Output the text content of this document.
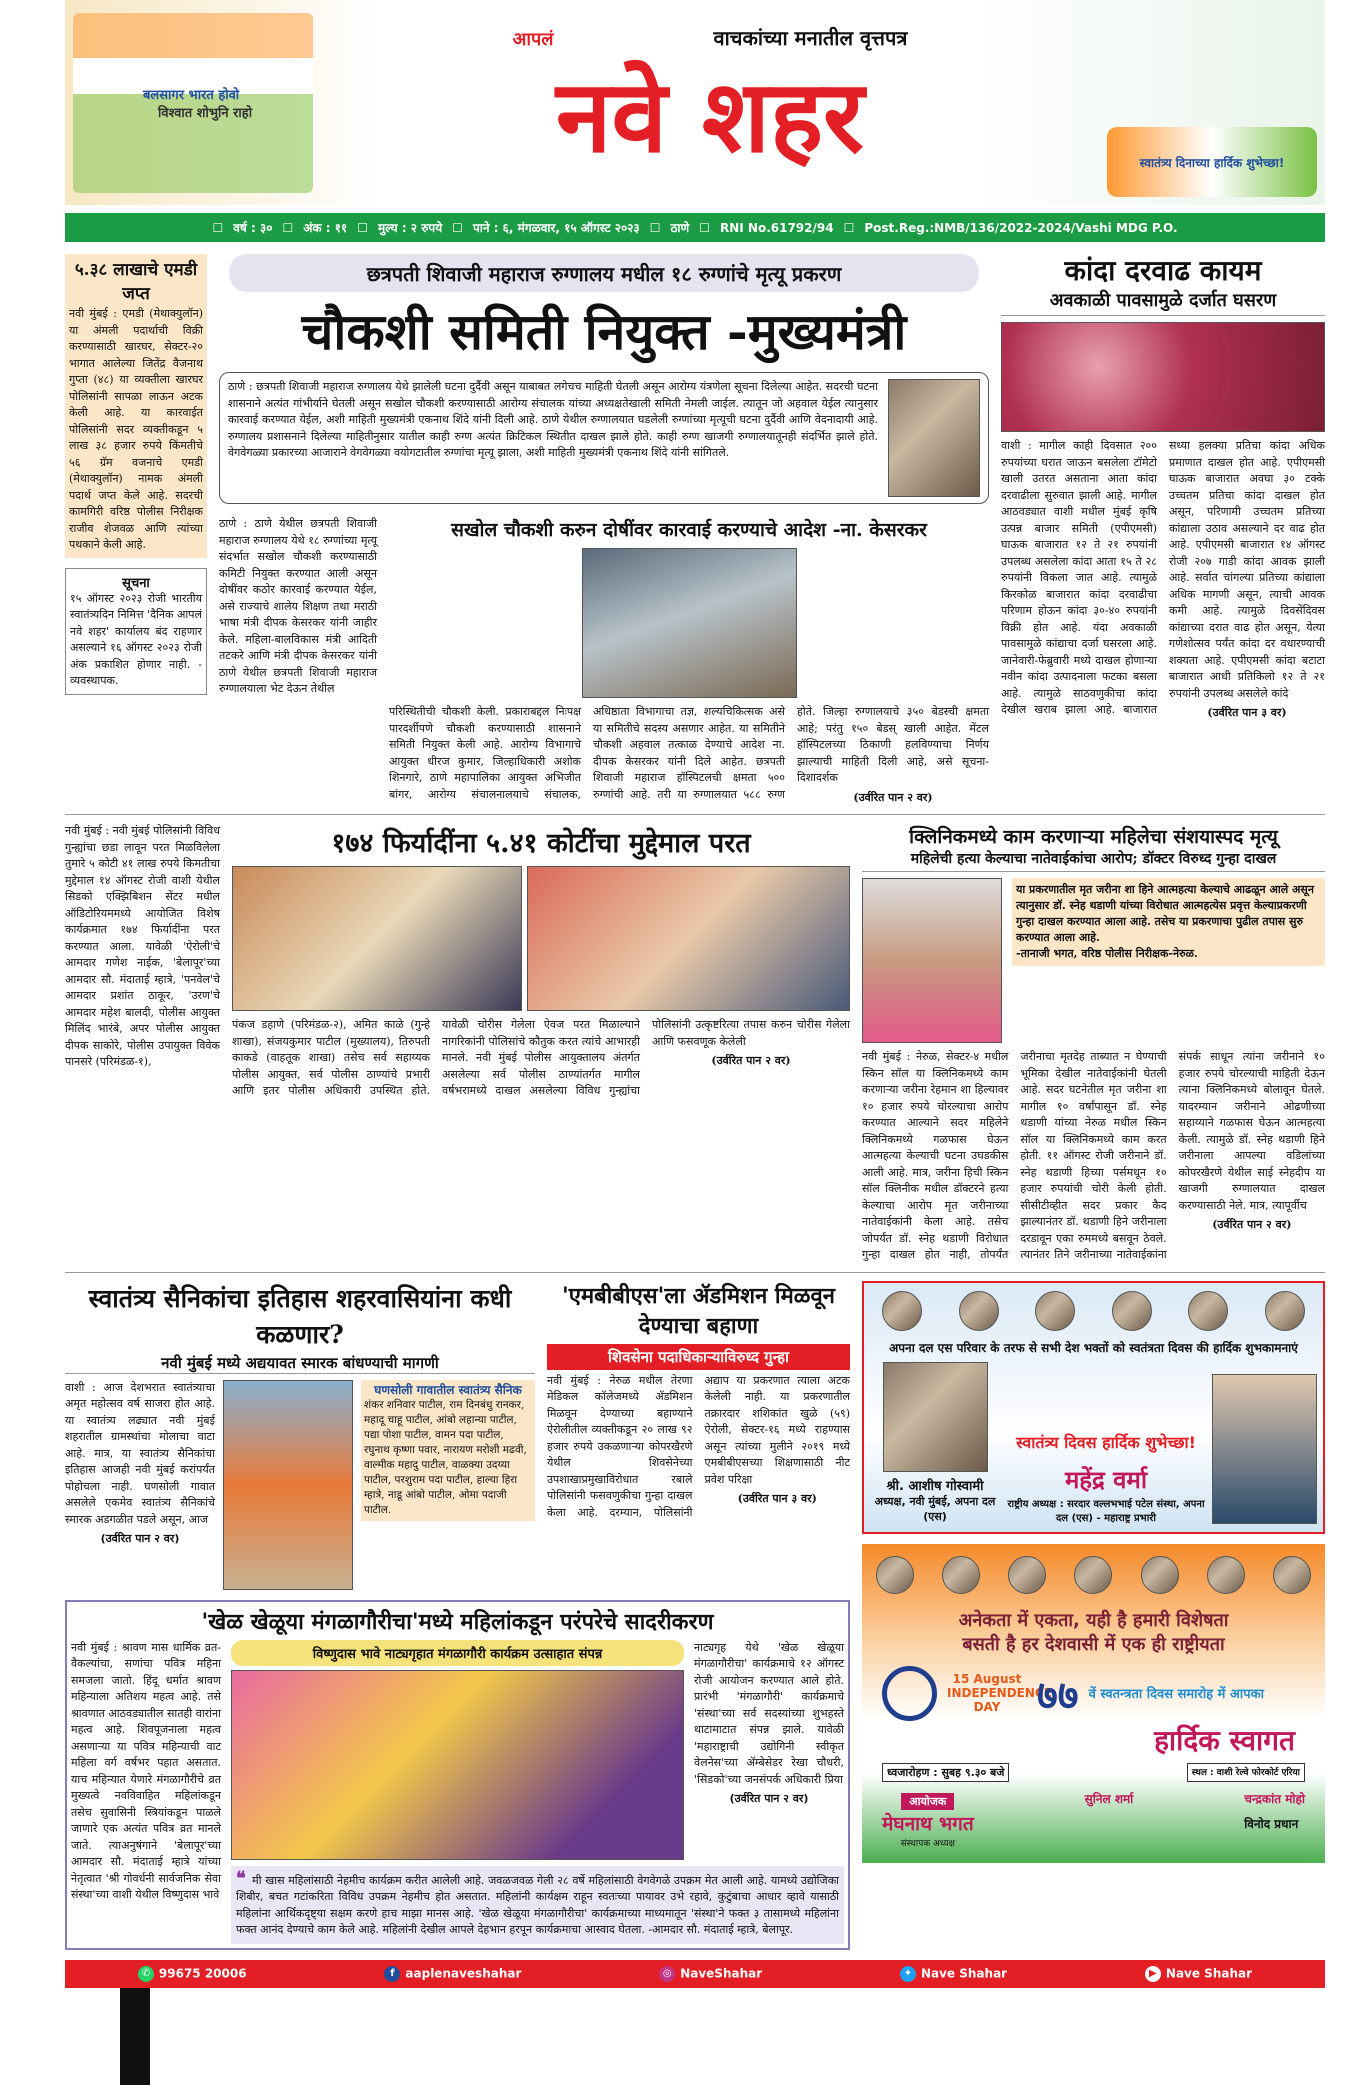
बलसागर भारत होवो
विश्वात शोभुनि राहो
आपलं	वाचकांच्या मनातील वृत्तपत्र
नवे शहर	स्वातंत्र्य दिनाच्या हार्दिक शुभेच्छा!
☐ वर्ष : ३० ☐ अंक : ११ ☐ मुल्य : २ रुपये ☐ पाने : ६, मंगळवार, १५ ऑगस्ट २०२३ ☐ ठाणे ☐ RNI No.61792/94 ☐ Post.Reg.:NMB/136/2022-2024/Vashi MDG P.O.
५.३८ लाखाचे एमडी जप्त
नवी मुंबई : एमडी (मेथाक्युलॉन) या अंमली पदार्थाची विक्री करण्यासाठी खारघर, सेक्टर-२० भागात आलेल्या जितेंद्र वैजनाथ गुप्ता (४८) या व्यक्तीला खारघर पोलिसांनी सापळा लाऊन अटक केली आहे. या कारवाईत पोलिसांनी सदर व्यक्तीकडून ५ लाख ३८ हजार रुपये किंमतीचे ५६ ग्रॅम वजनाचे एमडी (मेथाक्युलॉन) नामक अंमली पदार्थ जप्त केले आहे. सदरची कामगिरी वरिष्ठ पोलीस निरीक्षक राजीव शेजवळ आणि त्यांच्या पथकाने केली आहे.
सूचना
१५ ऑगस्ट २०२३ रोजी भारतीय स्वातंत्र्यदिन निमित्त 'दैनिक आपलं नवे शहर' कार्यालय बंद राहणार असल्याने १६ ऑगस्ट २०२३ रोजी अंक प्रकाशित होणार नाही. - व्यवस्थापक.
छत्रपती शिवाजी महाराज रुग्णालय मधील १८ रुग्णांचे मृत्यू प्रकरण
चौकशी समिती नियुक्त -मुख्यमंत्री
ठाणे : छत्रपती शिवाजी महाराज रुग्णालय येथे झालेली घटना दुर्दैवी असून याबाबत लगेचच माहिती घेतली असून आरोग्य यंत्रणेला सूचना दिलेल्या आहेत. सदरची घटना शासनाने अत्यंत गांभीर्याने घेतली असून सखोल चौकशी करण्यासाठी आरोग्य संचालक यांच्या अध्यक्षतेखाली समिती नेमली जाईल. त्यातून जो अहवाल येईल त्यानुसार कारवाई करण्यात येईल, अशी माहिती मुख्यमंत्री एकनाथ शिंदे यांनी दिली आहे. ठाणे येथील रुग्णालयात घडलेली रुग्णांच्या मृत्यूची घटना दुर्दैवी आणि वेदनादायी आहे. रुग्णालय प्रशासनाने दिलेल्या माहितीनुसार यातील काही रुग्ण अत्यंत क्रिटिकल स्थितीत दाखल झाले होते. काही रुग्ण खाजगी रुग्णालयातूनही संदर्भित झाले होते. वेगवेगळ्या प्रकारच्या आजाराने वेगवेगळ्या वयोगटातील रुग्णांचा मृत्यू झाला, अशी माहिती मुख्यमंत्री एकनाथ शिंदे यांनी सांगितले.
ठाणे : ठाणे येथील छत्रपती शिवाजी महाराज रुग्णालय येथे १८ रुग्णांच्या मृत्यू संदर्भात सखोल चौकशी करण्यासाठी कमिटी नियुक्त करण्यात आली असून दोषींवर कठोर कारवाई करण्यात येईल, असे राज्याचे शालेय शिक्षण तथा मराठी भाषा मंत्री दीपक केसरकर यांनी जाहीर केले. महिला-बालविकास मंत्री आदिती तटकरे आणि मंत्री दीपक केसरकर यांनी ठाणे येथील छत्रपती शिवाजी महाराज रुग्णालयाला भेट देऊन तेथील
सखोल चौकशी करुन दोषींवर कारवाई करण्याचे आदेश -ना. केसरकर
परिस्थितीची चौकशी केली. प्रकाराबद्दल निःपक्ष पारदर्शीपणे चौकशी करण्यासाठी शासनाने समिती नियुक्त केली आहे. आरोग्य विभागाचे आयुक्त धीरज कुमार, जिल्हाधिकारी अशोक शिनगारे, ठाणे महापालिका आयुक्त अभिजीत बांगर, आरोग्य संचालनालयाचे संचालक, अधिष्ठाता विभागाचा तज्ञ, शल्यचिकित्सक असे या समितीचे सदस्य असणार आहेत. या समितीने चौकशी अहवाल तत्काळ देण्याचे आदेश ना. दीपक केसरकर यांनी दिले आहेत. छत्रपती शिवाजी महाराज हॉस्पिटलची क्षमता ५०० रुग्णांची आहे. तरी या रुग्णालयात ५८८ रुग्ण होते. जिल्हा रुग्णालयाचे ३५० बेडस्ची क्षमता आहे; परंतु १५० बेडस् खाली आहेत. मेंटल हॉस्पिटलच्या ठिकाणी हलविण्याचा निर्णय झाल्याची माहिती दिली आहे, असे सूचना-दिशादर्शक
(उर्वरित पान २ वर)
कांदा दरवाढ कायम
अवकाळी पावसामुळे दर्जात घसरण
वाशी : मागील काही दिवसात २०० रुपयांच्या घरात जाऊन बसलेला टॉमेटो खाली उतरत असताना आता कांदा दरवाढीला सुरुवात झाली आहे. मागील आठवड्यात वाशी मधील मुंबई कृषि उत्पन्न बाजार समिती (एपीएमसी) घाऊक बाजारात १२ ते २१ रुपयांनी उपलब्ध असलेला कांदा आता १५ ते २८ रुपयांनी विकला जात आहे. त्यामुळे किरकोळ बाजारात कांदा दरवाढीचा परिणाम होऊन कांदा ३०-४० रुपयांनी विक्री होत आहे. यंदा अवकाळी पावसामुळे कांद्याचा दर्जा घसरला आहे. जानेवारी-फेब्रुवारी मध्ये दाखल होणाऱ्या नवीन कांदा उत्पादनाला फटका बसला आहे. त्यामुळे साठवणुकीचा कांदा देखील खराब झाला आहे. बाजारात सध्या हलक्या प्रतिचा कांदा अधिक प्रमाणात दाखल होत आहे. एपीएमसी घाऊक बाजारात अवघा ३० टक्के उच्चतम प्रतिचा कांदा दाखल होत असून, परिणामी उच्चतम प्रतिच्या कांद्याला उठाव असल्याने दर वाढ होत आहे. एपीएमसी बाजारात १४ ऑगस्ट रोजी २०७ गाडी कांदा आवक झाली आहे. सर्वात चांगल्या प्रतिच्या कांद्याला अधिक मागणी असून, त्याची आवक कमी आहे. त्यामुळे दिवसेंदिवस कांद्याच्या दरात वाढ होत असून, येत्या गणेशोत्सव पर्यंत कांदा दर वधारण्याची शक्यता आहे. एपीएमसी कांदा बटाटा बाजारात आधी प्रतिकिलो १२ ते २१ रुपयांनी उपलब्ध असलेले कांदे
(उर्वरित पान ३ वर)
नवी मुंबई : नवी मुंबई पोलिसांनी विविध गुन्ह्यांचा छडा लावून परत मिळविलेला तुमारे ५ कोटी ४१ लाख रुपये किमतीचा मुद्देमाल १४ ऑगस्ट रोजी वाशी येथील सिडको एक्झिबिशन सेंटर मधील ऑडिटोरियममध्ये आयोजित विशेष कार्यक्रमात १७४ फिर्यादींना परत करण्यात आला. यावेळी 'ऐरोली'चे आमदार गणेश नाईक, 'बेलापूर'च्या आमदार सौ. मंदाताई म्हात्रे, 'पनवेल'चे आमदार प्रशांत ठाकूर, 'उरण'चे आमदार महेश बालदी, पोलीस आयुक्त मिलिंद भारंबे, अपर पोलीस आयुक्त दीपक साकोरे, पोलीस उपायुक्त विवेक पानसरे (परिमंडळ-१),
१७४ फिर्यादींना ५.४१ कोटींचा मुद्देमाल परत
पंकज डहाणे (परिमंडळ-२), अमित काळे (गुन्हे शाखा), संजयकुमार पाटील (मुख्यालय), तिरुपती काकडे (वाहतूक शाखा) तसेच सर्व सहाय्यक पोलीस आयुक्त, सर्व पोलीस ठाण्यांचे प्रभारी आणि इतर पोलीस अधिकारी उपस्थित होते. यावेळी चोरीस गेलेला ऐवज परत मिळाल्याने नागरिकांनी पोलिसांचे कौतुक करत त्यांचे आभारही मानले. नवी मुंबई पोलीस आयुक्तालय अंतर्गत असलेल्या सर्व पोलीस ठाण्यांतर्गत मागील वर्षभरामध्ये दाखल असलेल्या विविध गुन्ह्यांचा पोलिसांनी उत्कृष्टरित्या तपास करुन चोरीस गेलेला आणि फसवणूक केलेली
(उर्वरित पान २ वर)
क्लिनिकमध्ये काम करणाऱ्या महिलेचा संशयास्पद मृत्यू
महिलेची हत्या केल्याचा नातेवाईकांचा आरोप; डॉक्टर विरुध्द गुन्हा दाखल
या प्रकरणातील मृत जरीना शा हिने आत्महत्या केल्याचे आढळून आले असून त्यानुसार डॉ. स्नेह थडाणी यांच्या विरोधात आत्महत्येस प्रवृत्त केल्याप्रकरणी गुन्हा दाखल करण्यात आला आहे. तसेच या प्रकरणाचा पुढील तपास सुरु करण्यात आला आहे.
-तानाजी भगत, वरिष्ठ पोलीस निरीक्षक-नेरुळ.
नवी मुंबई : नेरुळ, सेक्टर-४ मधील स्किन सॉल या क्लिनिकमध्ये काम करणाऱ्या जरीना रेहमान शा हिल्यावर १० हजार रुपये चोरल्याचा आरोप करण्यात आल्याने सदर महिलेने क्लिनिकमध्ये गळफास घेऊन आत्महत्या केल्याची घटना उघडकीस आली आहे. मात्र, जरीना हिची स्किन सॉल क्लिनीक मधील डॉक्टरने हत्या केल्याचा आरोप मृत जरीनाच्या नातेवाईकांनी केला आहे. तसेच जोपर्यंत डॉ. स्नेह थडाणी विरोधात गुन्हा दाखल होत नाही, तोपर्यंत जरीनाचा मृतदेह ताब्यात न घेण्याची भूमिका देखील नातेवाईकांनी घेतली आहे. सदर घटनेतील मृत जरीना शा मागील १० वर्षांपासून डॉ. स्नेह थडाणी यांच्या नेरुळ मधील स्किन सॉल या क्लिनिकमध्ये काम करत होती. ११ ऑगस्ट रोजी जरीनाने डॉ. स्नेह थडाणी हिच्या पर्समधून १० हजार रुपयांची चोरी केली होती. सीसीटीव्हीत सदर प्रकार कैद झाल्यानंतर डॉ. थडाणी हिने जरीनाला दरडावून एका रुममध्ये बसवून ठेवले. त्यानंतर तिने जरीनाच्या नातेवाईकांना संपर्क साधून त्यांना जरीनाने १० हजार रुपये चोरल्याची माहिती देऊन त्याना क्लिनिकमध्ये बोलावून घेतले. यादरम्यान जरीनाने ओढणीच्या सहाय्याने गळफास घेऊन आत्महत्या केली. त्यामुळे डॉ. स्नेह थडाणी हिने जरीनाला आपल्या वडिलांच्या कोपरखैरणे येथील साई स्नेहदीप या खाजगी रुग्णालयात दाखल करण्यासाठी नेले. मात्र, त्यापूर्वीच
(उर्वरित पान २ वर)
स्वातंत्र्य सैनिकांचा इतिहास शहरवासियांना कधी कळणार?
नवी मुंबई मध्ये अद्ययावत स्मारक बांधण्याची मागणी
वाशी : आज देशभरात स्वातंत्र्याचा अमृत महोत्सव वर्ष साजरा होत आहे. या स्वातंत्र्य लढ्यात नवी मुंबई शहरातील ग्रामस्थांचा मोलाचा वाटा आहे. मात्र, या स्वातंत्र्य सैनिकांचा इतिहास आजही नवी मुंबई करांपर्यंत पोहोचला नाही. घणसोली गावात असलेले एकमेव स्वातंत्र्य सैनिकांचे स्मारक अडगळीत पडले असून, आज
(उर्वरित पान २ वर)
घणसोली गावातील स्वातंत्र्य सैनिक
शंकर शनिवार पाटील, राम दिनबंधु रानकर, महादू चाहू पाटील, आंबो लहान्या पाटील, पद्या पोशा पाटील, वामन पदा पाटील, रघुनाथ कृष्णा पवार, नारायण मरोशी मढवी, वाल्मीक महादु पाटील, वाळक्या उदय्या पाटील, परशुराम पदा पाटील, हाल्या हिरा म्हात्रे, नाडू आंबो पाटील, ओमा पदाजी पाटील.
'एमबीबीएस'ला ॲडमिशन मिळवून देण्याचा बहाणा
शिवसेना पदाधिकाऱ्याविरुध्द गुन्हा
नवी मुंबई : नेरुळ मधील तेरणा मेडिकल कॉलेजमध्ये ॲडमिशन मिळवून देण्याच्या बहाण्याने ऐरोलीतील व्यक्तीकडून २० लाख ९२ हजार रुपये उकळणाऱ्या कोपरखैरणे येथील शिवसेनेच्या उपशाखाप्रमुखाविरोधात रबाले पोलिसांनी फसवणुकीचा गुन्हा दाखल केला आहे. दरम्यान, पोलिसांनी अद्याप या प्रकरणात त्याला अटक केलेली नाही. या प्रकरणातील तक्रारदार शशिकांत खुळे (५९) ऐरोली, सेक्टर-१६ मध्ये राहण्यास असून त्यांच्या मुलीने २०१९ मध्ये एमबीबीएसच्या शिक्षणासाठी नीट प्रवेश परिक्षा
(उर्वरित पान ३ वर)
'खेळ खेळूया मंगळागौरीचा'मध्ये महिलांकडून परंपरेचे सादरीकरण
नवी मुंबई : श्रावण मास धार्मिक व्रत-वैकल्यांचा, सणांचा पवित्र महिना समजला जातो. हिंदू धर्मात श्रावण महिन्याला अतिशय महत्व आहे. तसे श्रावणात आठवड्यातील सातही वारांना महत्व आहे. शिवपूजनाला महत्व असणाऱ्या या पवित्र महिन्याची वाट महिला वर्ग वर्षभर पहात असतात. याच महिन्यात येणारे मंगळागौरीचे व्रत मुख्यत्वे नवविवाहित महिलांकडून तसेच सुवासिनी स्त्रियांकडून पाळले जाणारे एक अत्यंत पवित्र व्रत मानले जाते. त्याअनुषंगाने 'बेलापूर'च्या आमदार सौ. मंदाताई म्हात्रे यांच्या नेतृत्वात 'श्री गोवर्धनी सार्वजनिक सेवा संस्था'च्या वाशी येथील विष्णुदास भावे
विष्णुदास भावे नाट्यगृहात मंगळागौरी कार्यक्रम उत्साहात संपन्न	नाट्यगृह येथे 'खेळ खेळूया मंगळागौरीचा' कार्यक्रमाचे १२ ऑगस्ट रोजी आयोजन करण्यात आले होते. प्रारंभी 'मंगळागौरी' कार्यक्रमाचे 'संस्था'च्या सर्व सदस्यांच्या शुभहस्ते थाटामाटात संपन्न झाले. यावेळी 'महाराष्ट्राची उद्योगिनी स्वीकृत वेलनेस'च्या ॲम्बेसेडर रेखा चौधरी, 'सिडको'च्या जनसंपर्क अधिकारी प्रिया
(उर्वरित पान २ वर)
❝ मी खास महिलांसाठी नेहमीच कार्यक्रम करीत आलेली आहे. जवळजवळ गेली २८ वर्षे महिलांसाठी वेगवेगळे उपक्रम मेत आली आहे. यामध्ये उद्योजिका शिबीर, बचत गटांकरिता विविध उपक्रम नेहमीच होत असतात. महिलांनी कार्यक्षम राहून स्वतःच्या पायावर उभे रहावे, कुटुंबाचा आधार व्हावे यासाठी महिलांना आर्थिकदृष्ट्या सक्षम करणे हाच माझा मानस आहे. 'खेळ खेळूया मंगळागौरीचा' कार्यक्रमाच्या माध्यमातून 'संस्था'ने फक्त ३ तासामध्ये महिलांना फक्त आनंद देण्याचे काम केले आहे. महिलांनी देखील आपले देहभान हरपून कार्यक्रमाचा आस्वाद घेतला. -आमदार सौ. मंदाताई म्हात्रे, बेलापूर.
अपना दल एस परिवार के तरफ से सभी देश भक्तों को स्वतंत्रता दिवस की हार्दिक शुभकामनाएं
श्री. आशीष गोस्वामी
अध्यक्ष, नवी मुंबई, अपना दल (एस)
स्वातंत्र्य दिवस हार्दिक शुभेच्छा!
महेंद्र वर्मा
राष्ट्रीय अध्यक्ष : सरदार वल्लभभाई पटेल संस्था, अपना दल (एस) - महाराष्ट्र प्रभारी
अनेकता में एकता, यही है हमारी विशेषता
बसती है हर देशवासी में एक ही राष्ट्रीयता
15 August INDEPENDENCE DAY ७७ वें स्वतन्त्रता दिवस समारोह में आपका
हार्दिक स्वागत
ध्वजारोहण : सुबह ९.३० बजे	स्थल : वाशी रेल्वे फोरकोर्ट एरिया
आयोजक
मेघनाथ भगत
संस्थापक अध्यक्ष
सुनिल शर्मा	चन्द्रकांत मोहो
विनोद प्रधान
✆ 99675 20006	f aaplenaveshahar	◎ NaveShahar	✦ Nave Shahar	▶ Nave Shahar
